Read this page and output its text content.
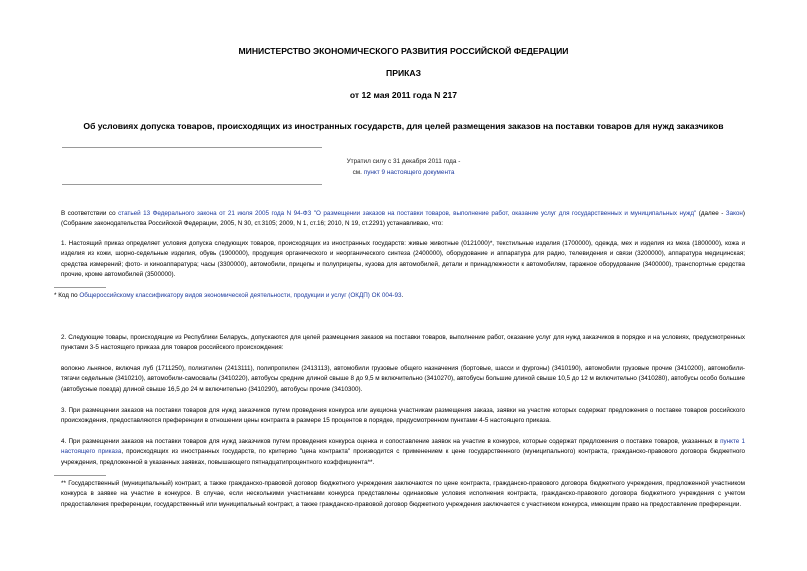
МИНИСТЕРСТВО ЭКОНОМИЧЕСКОГО РАЗВИТИЯ РОССИЙСКОЙ ФЕДЕРАЦИИ
ПРИКАЗ
от 12 мая 2011 года N 217
Об условиях допуска товаров, происходящих из иностранных государств, для целей размещения заказов на поставки товаров для нужд заказчиков
Утратил силу с 31 декабря 2011 года -
см. пункт 9 настоящего документа
В соответствии со статьей 13 Федерального закона от 21 июля 2005 года N 94-ФЗ "О размещении заказов на поставки товаров, выполнение работ, оказание услуг для государственных и муниципальных нужд" (далее - Закон) (Собрание законодательства Российской Федерации, 2005, N 30, ст.3105; 2009, N 1, ст.16; 2010, N 19, ст.2291) устанавливаю, что:
1. Настоящий приказ определяет условия допуска следующих товаров, происходящих из иностранных государств: живые животные (0121000)*, текстильные изделия (1700000), одежда, мех и изделия из меха (1800000), кожа и изделия из кожи, шорно-седельные изделия, обувь (1900000), продукция органического и неорганического синтеза (2400000), оборудование и аппаратура для радио, телевидения и связи (3200000), аппаратура медицинская; средства измерений; фото- и киноаппаратура; часы (3300000), автомобили, прицепы и полуприцепы, кузова для автомобилей, детали и принадлежности к автомобилям, гаражное оборудование (3400000), транспортные средства прочие, кроме автомобилей (3500000).
* Код по Общероссийскому классификатору видов экономической деятельности, продукции и услуг (ОКДП) ОК 004-93.
2. Следующие товары, происходящие из Республики Беларусь, допускаются для целей размещения заказов на поставки товаров, выполнение работ, оказание услуг для нужд заказчиков в порядке и на условиях, предусмотренных пунктами 3-5 настоящего приказа для товаров российского происхождения:
волокно льняное, включая луб (1711250), полиэтилен (2413111), полипропилен (2413113), автомобили грузовые общего назначения (бортовые, шасси и фургоны) (3410190), автомобили грузовые прочие (3410200), автомобили-тягачи седельные (3410210), автомобили-самосвалы (3410220), автобусы средние длиной свыше 8 до 9,5 м включительно (3410270), автобусы большие длиной свыше 10,5 до 12 м включительно (3410280), автобусы особо большие (автобусные поезда) длиной свыше 16,5 до 24 м включительно (3410290), автобусы прочие (3410300).
3. При размещении заказов на поставки товаров для нужд заказчиков путем проведения конкурса или аукциона участникам размещения заказа, заявки на участие которых содержат предложения о поставке товаров российского происхождения, предоставляются преференции в отношении цены контракта в размере 15 процентов в порядке, предусмотренном пунктами 4-5 настоящего приказа.
4. При размещении заказов на поставки товаров для нужд заказчиков путем проведения конкурса оценка и сопоставление заявок на участие в конкурсе, которые содержат предложения о поставке товаров, указанных в пункте 1 настоящего приказа, происходящих из иностранных государств, по критерию "цена контракта" производится с применением к цене государственного (муниципального) контракта, гражданско-правового договора бюджетного учреждения, предложенной в указанных заявках, повышающего пятнадцатипроцентного коэффициента**.
** Государственный (муниципальный) контракт, а также гражданско-правовой договор бюджетного учреждения заключаются по цене контракта, гражданско-правового договора бюджетного учреждения, предложенной участником конкурса в заявке на участие в конкурсе. В случае, если несколькими участниками конкурса представлены одинаковые условия исполнения контракта, гражданско-правового договора бюджетного учреждения с учетом предоставления преференции, государственный или муниципальный контракт, а также гражданско-правовой договор бюджетного учреждения заключается с участником конкурса, имеющим право на предоставление преференции.
